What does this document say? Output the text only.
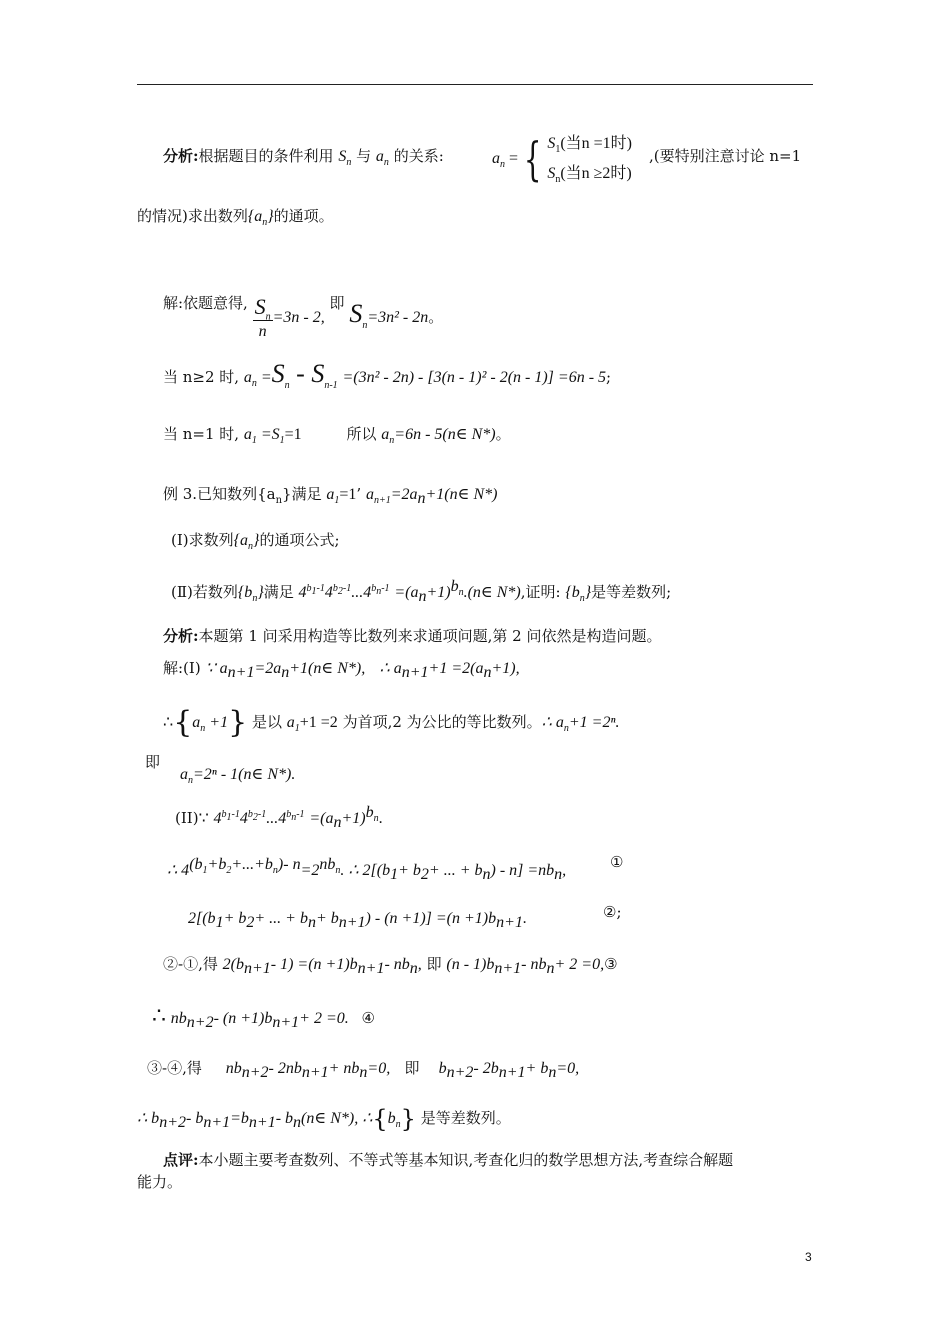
分析:根据题目的条件利用 $S_n$ 与 $a_n$ 的关系:	$a_n$ = { $S_1$(当n =1时)
$S_n$(当n ≥2时)
,(要特别注意讨论 n=1
的情况)求出数列$\{a_n\}$的通项。
解:依题意得, $\frac{S_n}{n} =3n - 2$, 即 $S_n=3n^2 - 2n$。
当 n≥2 时, $a_n =S_n - S_{n-1} =(3n^2 - 2n) - [3(n - 1)^2 - 2(n - 1)] =6n - 5$;
当 n=1 时, $a_1 =S_1=1$	所以 $a_n=6n$ - 5(n∈ N*)。
例 3.已知数列$\{a_n\}$满足 $a_1=1$’ $a_{n+1}=2a_n+1(n\in$ N*)
(Ⅰ)求数列$\{a_n\}$的通项公式;
(Ⅱ)若数列$\{b_n\}$满足 $4^{b_1-1}4^{b_2-1}...4^{b_n-1}$ $=(a_n+1)^{b_n}.(n\in$ N*),证明: $\{b_n\}$是等差数列;
分析:本题第 1 问采用构造等比数列来求通项问题,第 2 问依然是构造问题。
解:(Ⅰ) ∵ $a_{n+1}=2a_n+1(n\in$ N*), ∴ $a_{n+1}+1 =2(a_n+1)$,
$\therefore\{a_n +1\}$ 是以 $a_1+1 =2$ 为首项,2 为公比的等比数列。∴ $a_n+1 =2^n$.
即
$a_n=2^n$ - 1(n∈ N*).
(II)∵ $4^{b_1-1}4^{b_2-1}...4^{b_n-1} =(a_n+1)^{b_n}$.
∴ $4^{(b_1+b_2+...+b_n)- n}=2^{nb_n}$. ∴ $2[(b_1+ b_2+$ ... + $b_n) - n] =nb_n$,	①
$2[(b_1+ b_2+$ ... + $b_n+ b_{n+1}) - (n +1)] =(n +1)b_{n+1}$.	②;
②-①,得 $2(b_{n+1}-$ $1) =(n +1)b_{n+1}-$ $nb_n$, 即 $(n - 1)b_{n+1}-$ $nb_n+ 2$ =0,③
∴ $nb_{n+2}-$ $(n +1)b_{n+1}+ 2 =0$. ④
③-④,得 $nb_{n+2}-$ $2nb_{n+1}+ nb_n=0$, 即 $b_{n+2}-$ $2b_{n+1}+ b_n=0$,
∴ $b_{n+2}-$ $b_{n+1}=b_{n+1}-$ $b_n(n\in$ N*), $\therefore\{b_n\}$ 是等差数列。
点评:本小题主要考查数列、不等式等基本知识,考查化归的数学思想方法,考查综合解题
能力。
3
